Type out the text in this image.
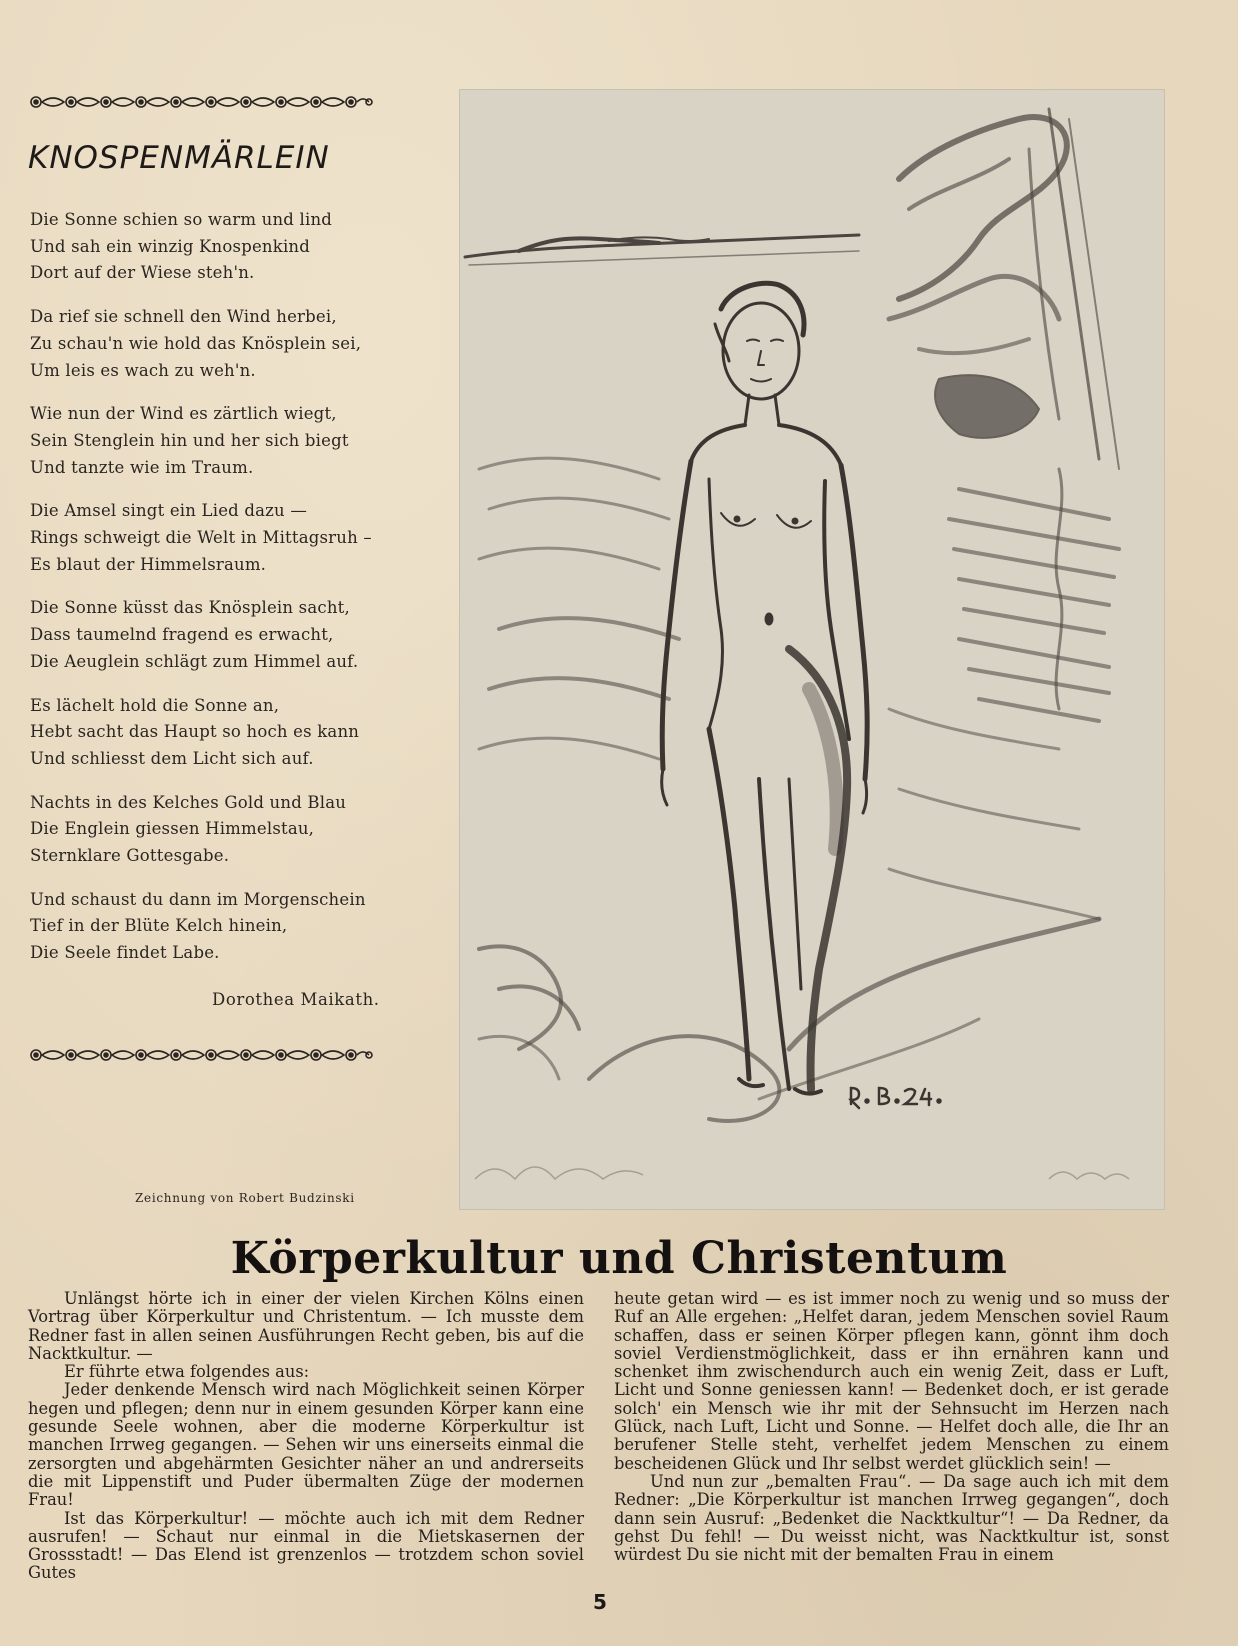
KNOSPENMÄRLEIN
Die Sonne schien so warm und lind
Und sah ein winzig Knospenkind
Dort auf der Wiese steh'n.
Da rief sie schnell den Wind herbei,
Zu schau'n wie hold das Knösplein sei,
Um leis es wach zu weh'n.
Wie nun der Wind es zärtlich wiegt,
Sein Stenglein hin und her sich biegt
Und tanzte wie im Traum.
Die Amsel singt ein Lied dazu —
Rings schweigt die Welt in Mittagsruh –
Es blaut der Himmelsraum.
Die Sonne küsst das Knösplein sacht,
Dass taumelnd fragend es erwacht,
Die Aeuglein schlägt zum Himmel auf.
Es lächelt hold die Sonne an,
Hebt sacht das Haupt so hoch es kann
Und schliesst dem Licht sich auf.
Nachts in des Kelches Gold und Blau
Die Englein giessen Himmelstau,
Sternklare Gottesgabe.
Und schaust du dann im Morgenschein
Tief in der Blüte Kelch hinein,
Die Seele findet Labe.
Dorothea Maikath.
Zeichnung von Robert Budzinski
Körperkultur und Christentum

Unlängst hörte ich in einer der vielen Kirchen Kölns einen Vortrag über Körperkultur und Christentum. — Ich musste dem Redner fast in allen seinen Ausführungen Recht geben, bis auf die Nacktkultur. —

Er führte etwa folgendes aus:

Jeder denkende Mensch wird nach Möglichkeit seinen Körper hegen und pflegen; denn nur in einem gesunden Körper kann eine gesunde Seele wohnen, aber die moderne Körperkultur ist manchen Irrweg gegangen. — Sehen wir uns einerseits einmal die zersorgten und abgehärmten Gesichter näher an und andrerseits die mit Lippenstift und Puder übermalten Züge der modernen Frau!

Ist das Körperkultur! — möchte auch ich mit dem Redner ausrufen! — Schaut nur einmal in die Mietskasernen der Grossstadt! — Das Elend ist grenzenlos — trotzdem schon soviel Gutes

heute getan wird — es ist immer noch zu wenig und so muss der Ruf an Alle ergehen: „Helfet daran, jedem Menschen soviel Raum schaffen, dass er seinen Körper pflegen kann, gönnt ihm doch soviel Verdienstmöglichkeit, dass er ihn ernähren kann und schenket ihm zwischendurch auch ein wenig Zeit, dass er Luft, Licht und Sonne geniessen kann! — Bedenket doch, er ist gerade solch' ein Mensch wie ihr mit der Sehnsucht im Herzen nach Glück, nach Luft, Licht und Sonne. — Helfet doch alle, die Ihr an berufener Stelle steht, verhelfet jedem Menschen zu einem bescheidenen Glück und Ihr selbst werdet glücklich sein! —

Und nun zur „bemalten Frau“. — Da sage auch ich mit dem Redner: „Die Körperkultur ist manchen Irrweg gegangen“, doch dann sein Ausruf: „Bedenket die Nacktkultur“! — Da Redner, da gehst Du fehl! — Du weisst nicht, was Nacktkultur ist, sonst würdest Du sie nicht mit der bemalten Frau in einem

5
